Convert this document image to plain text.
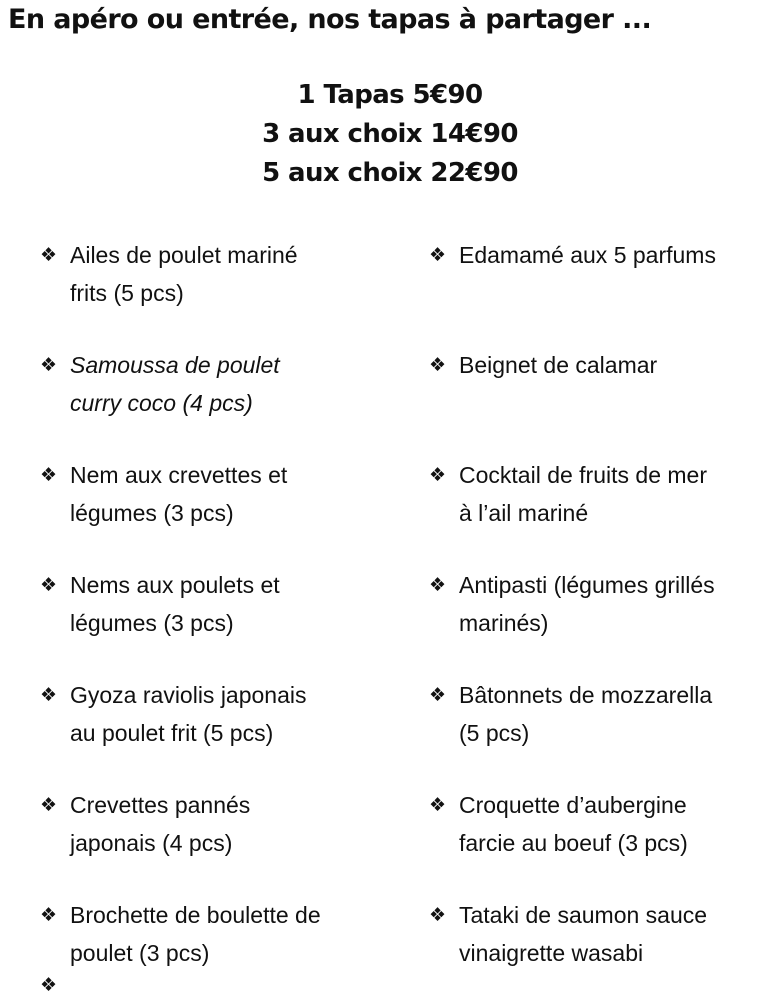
En apéro ou entrée, nos tapas à partager ...
1 Tapas 5€90
3 aux choix 14€90
5 aux choix 22€90
❖ Ailes de poulet mariné
frits (5 pcs)
❖ Samoussa de poulet
curry coco (4 pcs)
❖ Nem aux crevettes et
légumes (3 pcs)
❖ Nems aux poulets et
légumes (3 pcs)
❖ Gyoza raviolis japonais
au poulet frit (5 pcs)
❖ Crevettes pannés
japonais (4 pcs)
❖ Brochette de boulette de
poulet (3 pcs)
❖ Edamamé aux 5 parfums
❖ Beignet de calamar
❖ Cocktail de fruits de mer
à l’ail mariné
❖ Antipasti (légumes grillés
marinés)
❖ Bâtonnets de mozzarella
(5 pcs)
❖ Croquette d’aubergine
farcie au boeuf (3 pcs)
❖ Tataki de saumon sauce
vinaigrette wasabi
❖
